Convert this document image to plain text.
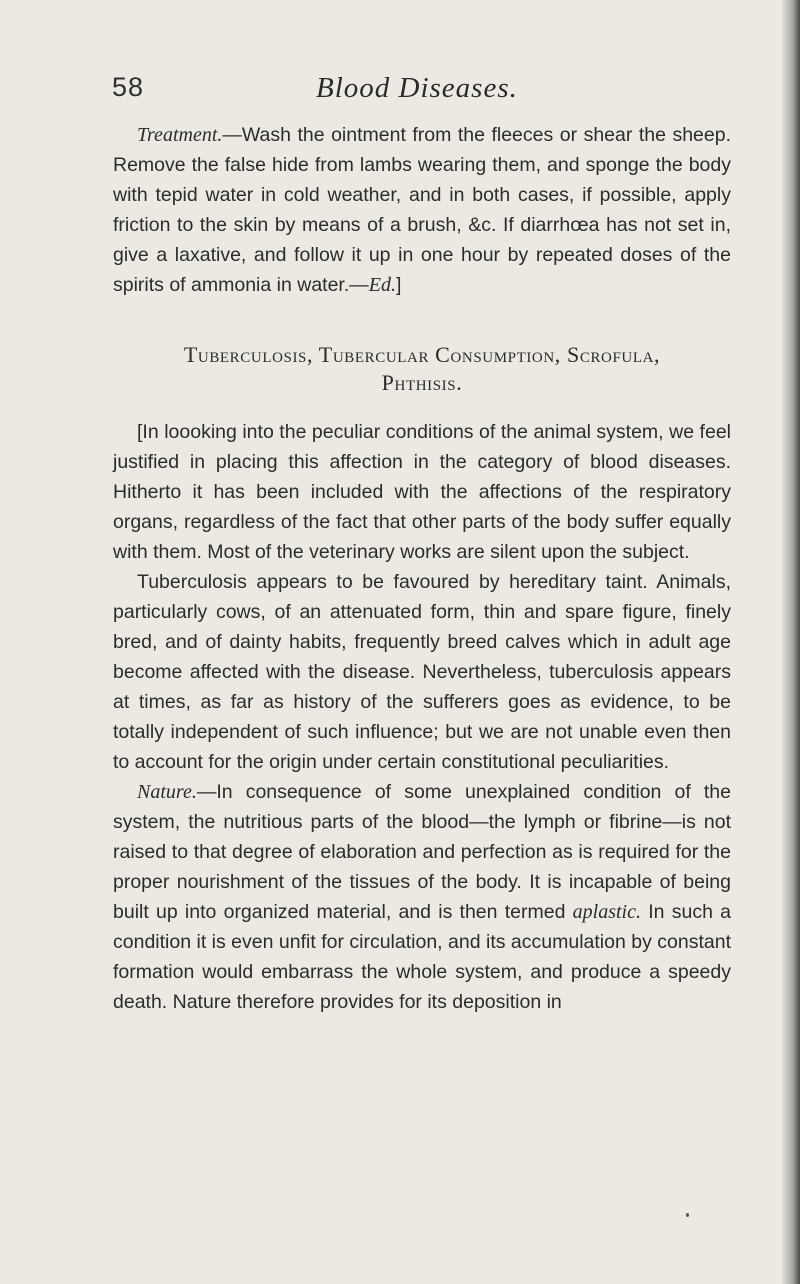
58	Blood Diseases.

Treatment.—Wash the ointment from the fleeces or shear the sheep. Remove the false hide from lambs wearing them, and sponge the body with tepid water in cold weather, and in both cases, if possible, apply friction to the skin by means of a brush, &c. If diarrhœa has not set in, give a laxative, and follow it up in one hour by repeated doses of the spirits of ammonia in water.—Ed.]

Tuberculosis, Tubercular Consumption, Scrofula,
Phthisis.

[In loooking into the peculiar conditions of the animal system, we feel justified in placing this affection in the category of blood diseases. Hitherto it has been included with the affections of the respiratory organs, regardless of the fact that other parts of the body suffer equally with them. Most of the veterinary works are silent upon the subject.

Tuberculosis appears to be favoured by hereditary taint. Animals, particularly cows, of an attenuated form, thin and spare figure, finely bred, and of dainty habits, frequently breed calves which in adult age become affected with the disease. Nevertheless, tuberculosis appears at times, as far as history of the sufferers goes as evidence, to be totally independent of such influence; but we are not unable even then to account for the origin under certain constitutional peculiarities.

Nature.—In consequence of some unexplained condition of the system, the nutritious parts of the blood—the lymph or fibrine—is not raised to that degree of elaboration and perfection as is required for the proper nourishment of the tissues of the body. It is incapable of being built up into organized material, and is then termed aplastic. In such a condition it is even unfit for circulation, and its accumulation by constant formation would embarrass the whole system, and produce a speedy death. Nature therefore provides for its deposition in
